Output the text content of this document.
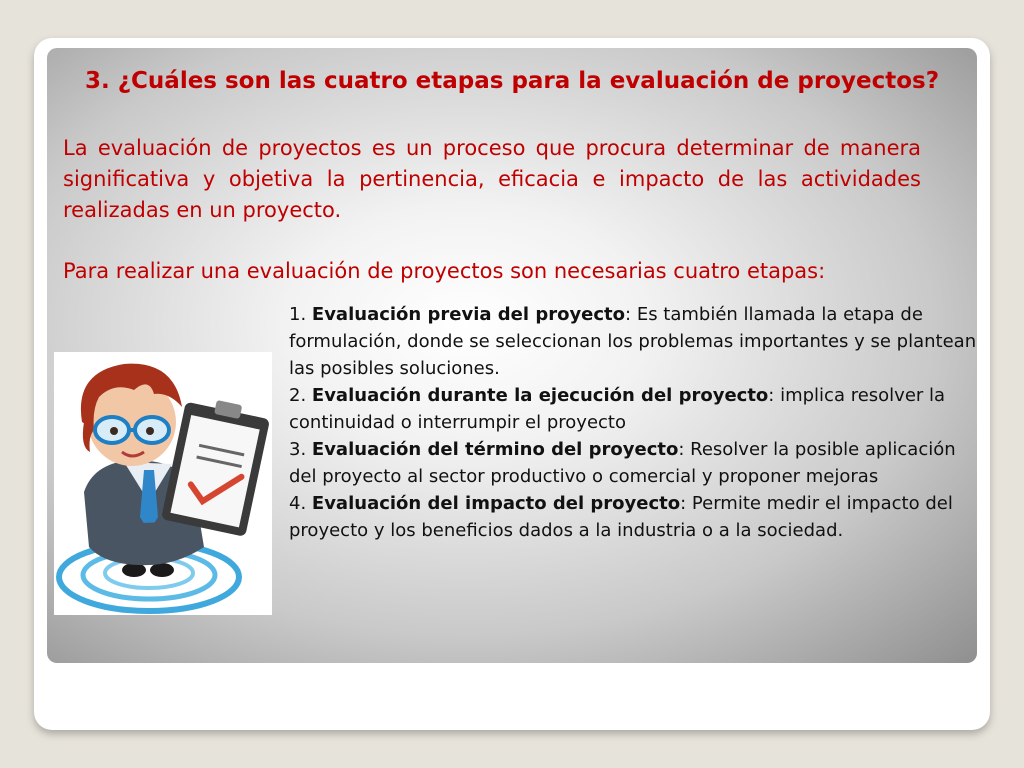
3. ¿Cuáles son las cuatro etapas para la evaluación de proyectos?

La evaluación de proyectos es un proceso que procura determinar de manera significativa y objetiva la pertinencia, eficacia e impacto de las actividades realizadas en un proyecto.

Para realizar una evaluación de proyectos son necesarias cuatro etapas:

1. Evaluación previa del proyecto: Es también llamada la etapa de formulación, donde se seleccionan los problemas importantes y se plantean las posibles soluciones.

2. Evaluación durante la ejecución del proyecto: implica resolver la continuidad o interrumpir el proyecto

3. Evaluación del término del proyecto: Resolver la posible aplicación del proyecto al sector productivo o comercial y proponer mejoras

4. Evaluación del impacto del proyecto: Permite medir el impacto del proyecto y los beneficios dados a la industria o a la sociedad.
